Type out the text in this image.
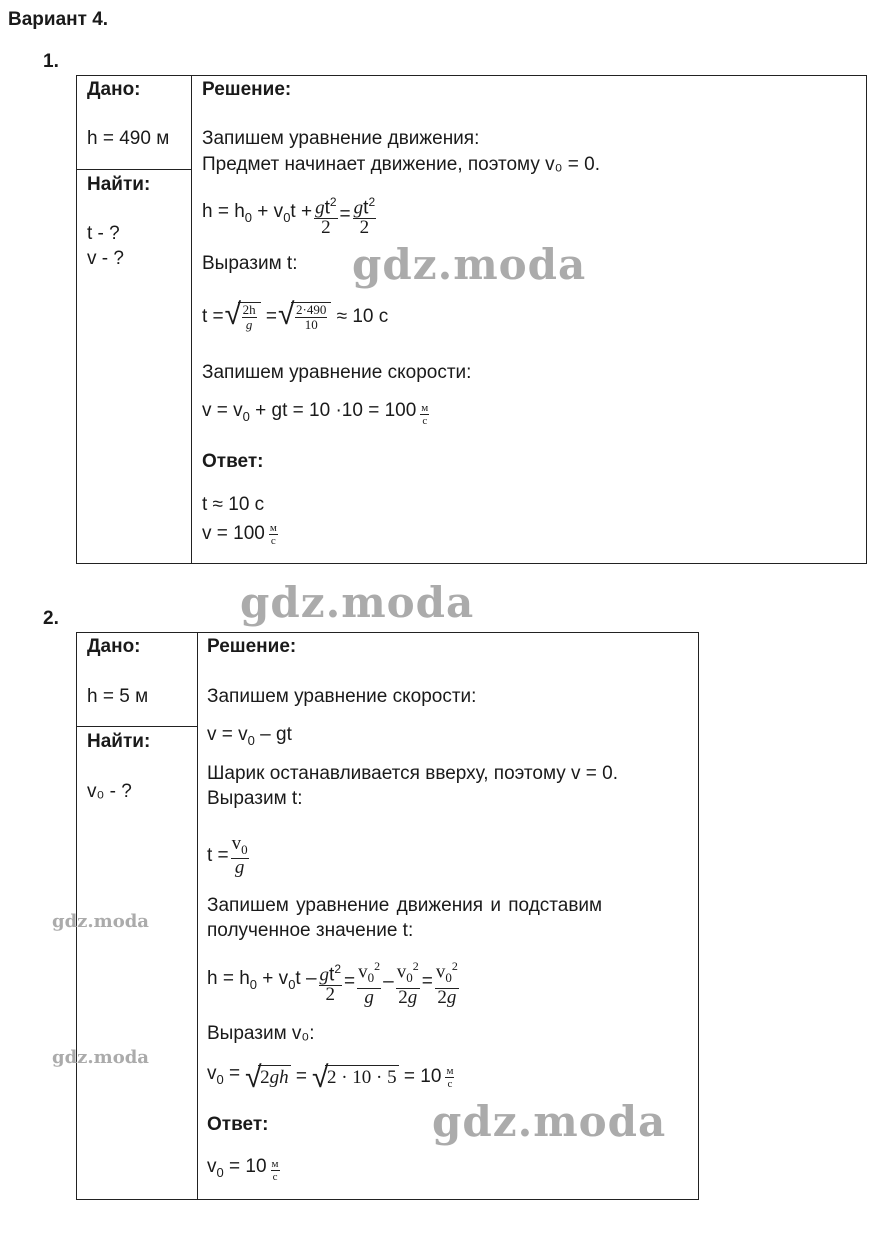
Вариант 4.
1.
Дано:
h = 490 м
Найти:
t - ?
v - ?
Решение:
Запишем уравнение движения:
Предмет начинает движение, поэтому v₀ = 0.
$h = h_0 + v_0t + \frac{gt^2}{2} = \frac{gt^2}{2}$
Выразим t:
t = √ $\frac{2h}{g}$ = √ $\frac{2\cdot 490}{10} \approx 10$ с
Запишем уравнение скорости:
$v = v_0$ + gt = $10 \cdot 10 = 100 \frac{м}{с}$
Ответ:
t ≈ 10 с
$v = 100 \frac{м}{с}$
2.
Дано:
h = 5 м
Найти:
v₀ - ?
Решение:
Запишем уравнение скорости:
$v = v_0$ – gt
Шарик останавливается вверху, поэтому v = 0.
Выразим t:
$t = \frac{v_0}{g}$
Запишем уравнение движения и подставим
полученное значение t:
$h = h_0 + v_0t - \frac{gt^2}{2} = \frac{v_0^2}{g} - \frac{v_0^2}{2g} = \frac{v_0^2}{2g}$
Выразим v₀:
$v_0$ = √ 2gh = √ $2 \cdot 10 \cdot 5 = 10 \frac{м}{с}$
Ответ:
$v_0 = 10 \frac{м}{с}$
gdz.moda
gdz.moda
gdz.moda
gdz.moda
gdz.moda
